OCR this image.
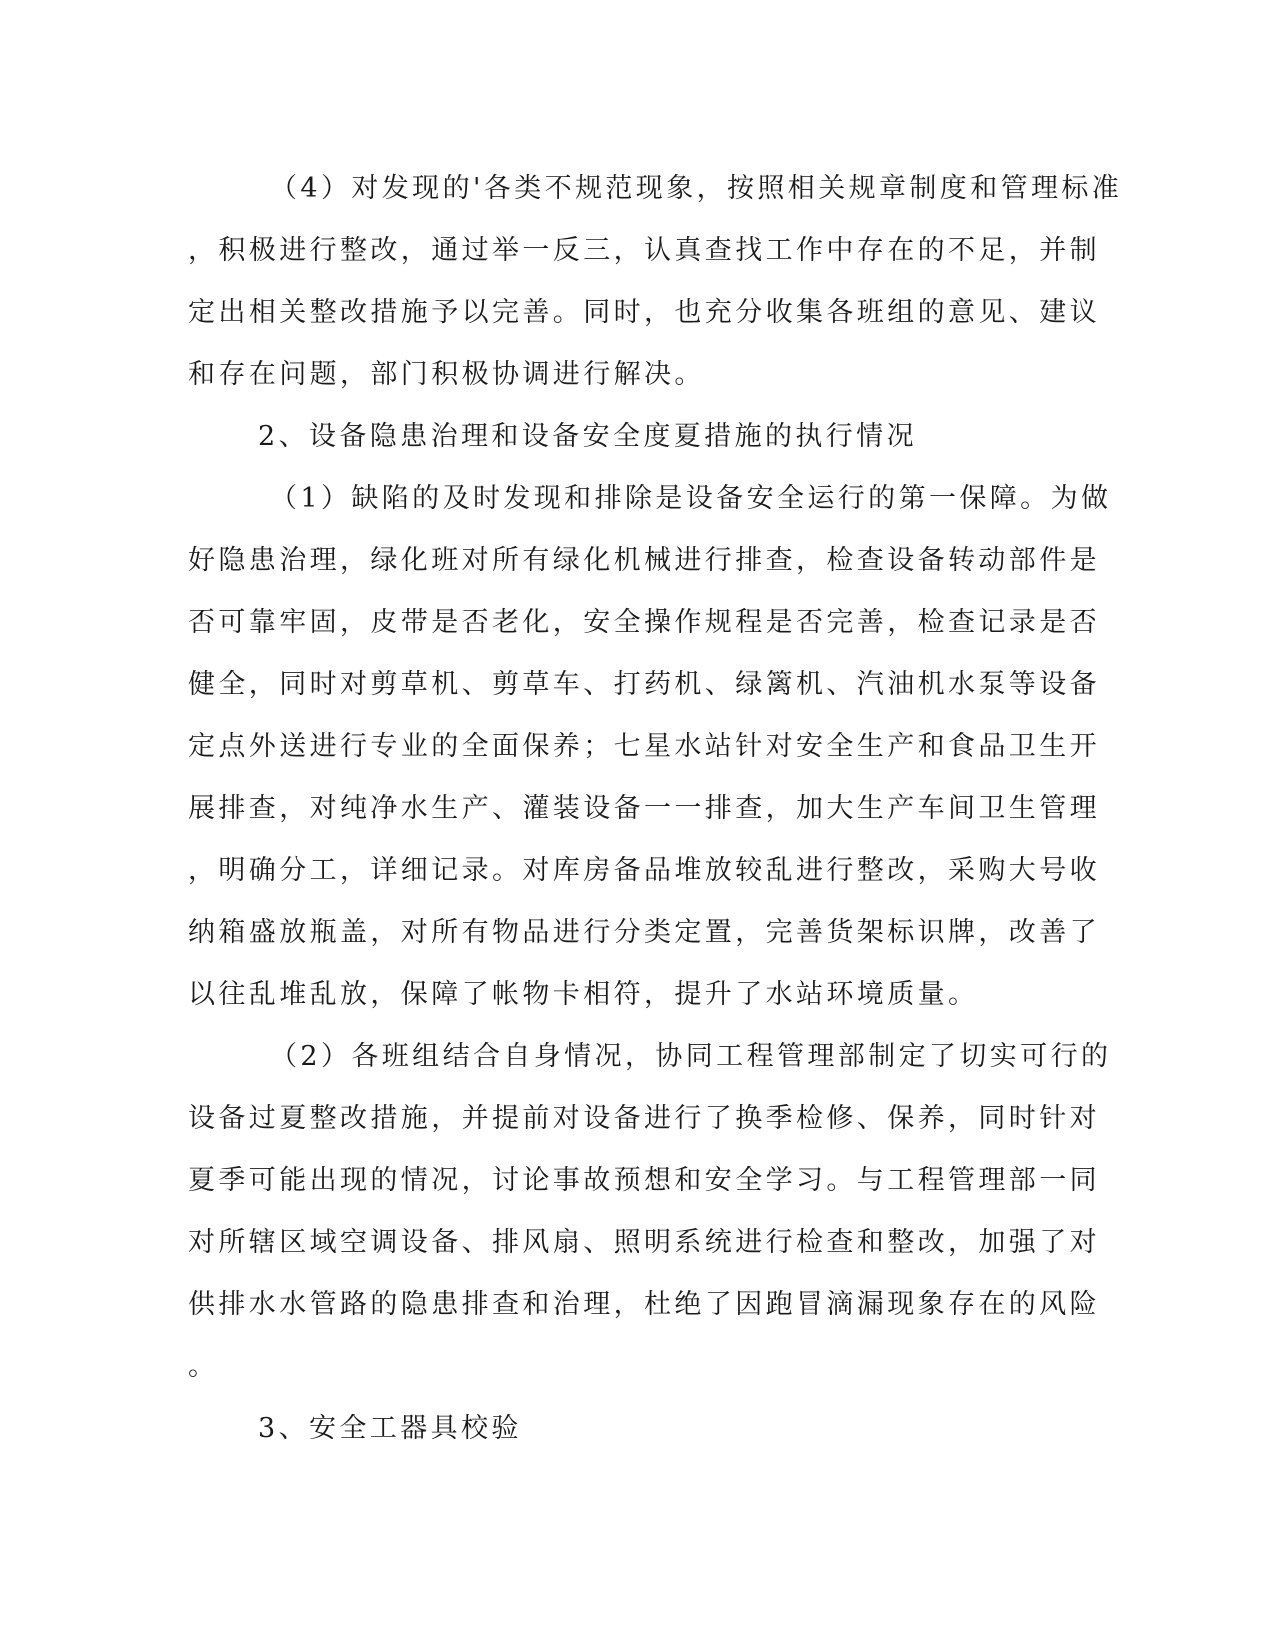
（4）对发现的'各类不规范现象，按照相关规章制度和管理标准
，积极进行整改，通过举一反三，认真查找工作中存在的不足，并制
定出相关整改措施予以完善。同时，也充分收集各班组的意见、建议
和存在问题，部门积极协调进行解决。
2、设备隐患治理和设备安全度夏措施的执行情况
（1）缺陷的及时发现和排除是设备安全运行的第一保障。为做
好隐患治理，绿化班对所有绿化机械进行排查，检查设备转动部件是
否可靠牢固，皮带是否老化，安全操作规程是否完善，检查记录是否
健全，同时对剪草机、剪草车、打药机、绿篱机、汽油机水泵等设备
定点外送进行专业的全面保养；七星水站针对安全生产和食品卫生开
展排查，对纯净水生产、灌装设备一一排查，加大生产车间卫生管理
，明确分工，详细记录。对库房备品堆放较乱进行整改，采购大号收
纳箱盛放瓶盖，对所有物品进行分类定置，完善货架标识牌，改善了
以往乱堆乱放，保障了帐物卡相符，提升了水站环境质量。
（2）各班组结合自身情况，协同工程管理部制定了切实可行的
设备过夏整改措施，并提前对设备进行了换季检修、保养，同时针对
夏季可能出现的情况，讨论事故预想和安全学习。与工程管理部一同
对所辖区域空调设备、排风扇、照明系统进行检查和整改，加强了对
供排水水管路的隐患排查和治理，杜绝了因跑冒滴漏现象存在的风险
。
3、安全工器具校验
